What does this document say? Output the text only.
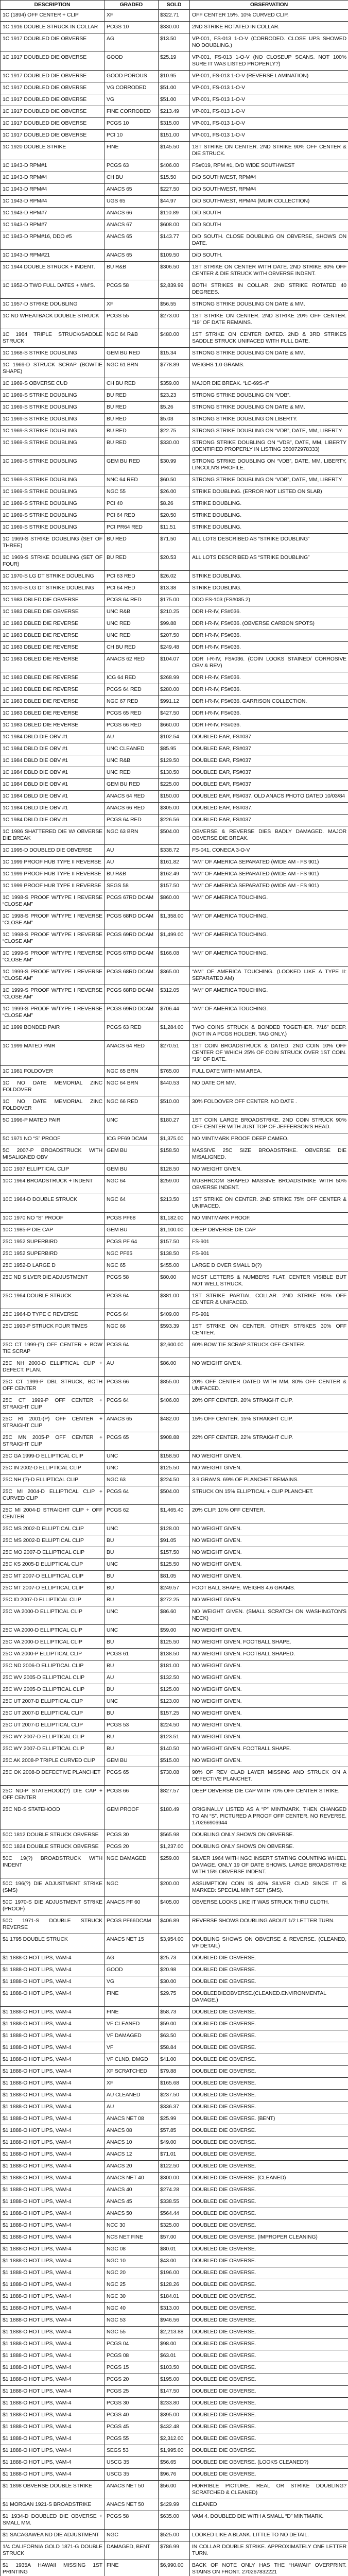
DESCRIPTION	GRADED	SOLD	OBSERVATION
1C (1894) OFF CENTER + CLIP	XF	$322.71	OFF CENTER 15%. 10% CURVED CLIP.
1C 1916 DOUBLE STRUCK IN COLLAR	PCGS 10	$330.00	2ND STRIKE ROTATED IN COLLAR.
1C 1917 DOUBLED DIE OBVERSE	AG	$13.50	VP-001, FS-013 1-O-V (CORRODED. CLOSE UPS SHOWED NO DOUBLING.)
1C 1917 DOUBLED DIE OBVERSE	GOOD	$25.19	VP-001, FS-013 1-O-V (NO CLOSEUP SCANS. NOT 100% SURE IT WAS LISTED PROPERLY?)
1C 1917 DOUBLED DIE OBVERSE	GOOD POROUS	$10.95	VP-001, FS-013 1-O-V (REVERSE LAMINATION)
1C 1917 DOUBLED DIE OBVERSE	VG CORRODED	$51.00	VP-001, FS-013 1-O-V
1C 1917 DOUBLED DIE OBVERSE	VG	$51.00	VP-001, FS-013 1-O-V
1C 1917 DOUBLED DIE OBVERSE	FINE CORRODED	$213.49	VP-001, FS-013 1-O-V
1C 1917 DOUBLED DIE OBVERSE	PCGS 10	$315.00	VP-001, FS-013 1-O-V
1C 1917 DOUBLED DIE OBVERSE	PCI 10	$151.00	VP-001, FS-013 1-O-V
1C 1920 DOUBLE STRIKE	FINE	$145.50	1ST STRIKE ON CENTER. 2ND STRIKE 90% OFF CENTER & DIE STRUCK.
1C 1943-D RPM#1	PCGS 63	$406.00	FS#019, RPM #1, D/D WIDE SOUTHWEST
1C 1943-D RPM#4	CH BU	$15.50	D/D SOUTHWEST, RPM#4
1C 1943-D RPM#4	ANACS 65	$227.50	D/D SOUTHWEST, RPM#4
1C 1943-D RPM#4	UGS 65	$44.97	D/D SOUTHWEST, RPM#4 (MUIR COLLECTION)
1C 1943-D RPM#7	ANACS 66	$110.89	D/D SOUTH
1C 1943-D RPM#7	ANACS 67	$608.00	D/D SOUTH
1C 1943-D RPM#16, DDO #5	ANACS 65	$143.77	D/D SOUTH. CLOSE DOUBLING ON OBVERSE, SHOWS ON DATE.
1C 1943-D RPM#21	ANACS 65	$109.50	D/D SOUTH.
1C 1944 DOUBLE STRUCK + INDENT.	BU R&B	$306.50	1ST STRIKE ON CENTER WITH DATE. 2ND STRIKE 80% OFF CENTER & DIE STRUCK WITH OBVERSE INDENT.
1C 1952-D TWO FULL DATES + MM'S.	PCGS 58	$2,839.99	BOTH STRIKES IN COLLAR. 2ND STRIKE ROTATED 40 DEGREES.
1C 1957-D STRIKE DOUBLING	XF	$56.55	STRONG STRIKE DOUBLING ON DATE & MM.
1C ND WHEATBACK DOUBLE STRUCK	PCGS 55	$273.00	1ST STRIKE ON CENTER. 2ND STRIKE 20% OFF CENTER. “19” OF DATE REMAINS.
1C 1964 TRIPLE STRUCK/SADDLE STRUCK	NGC 64 R&B	$480.00	1ST STRIKE ON CENTER DATED. 2ND & 3RD STRIKES SADDLE STRUCK UNIFACED WITH FULL DATE.
1C 1968-S STRIKE DOUBLING	GEM BU RED	$15.34	STRONG STRIKE DOUBLING ON DATE & MM.
1C 1969-D STRUCK SCRAP (BOWTIE SHAPE)	NGC 61 BRN	$778.89	WEIGHS 1.0 GRAMS.
1C 1969-S OBVERSE CUD	CH BU RED	$359.00	MAJOR DIE BREAK. “LC-69S-4”
1C 1969-S STRIKE DOUBLING	BU RED	$23.23	STRONG STRIKE DOUBLING ON “VDB”.
1C 1969-S STRIKE DOUBLING	BU RED	$5.26	STRONG STRIKE DOUBLING ON DATE & MM.
1C 1969-S STRIKE DOUBLING	BU RED	$5.03	STRONG STRIKE DOUBLING ON LIBERTY.
1C 1969-S STRIKE DOUBLING	BU RED	$22.75	STRONG STRIKE DOUBLING ON “VDB”, DATE, MM, LIBERTY.
1C 1969-S STRIKE DOUBLING	BU RED	$330.00	STRONG STRIKE DOUBLING ON “VDB”, DATE, MM, LIBERTY (IDENTIFIED PROPERLY IN LISTING 350072978333)
1C 1969-S STRIKE DOUBLING	GEM BU RED	$30.99	STRONG STRIKE DOUBLING ON “VDB”, DATE, MM, LIBERTY, LINCOLN'S PROFILE.
1C 1969-S STRIKE DOUBLING	NNC 64 RED	$60.50	STRONG STRIKE DOUBLING ON “VDB”, DATE, MM, LIBERTY.
1C 1969-S STRIKE DOUBLING	NGC 55	$26.00	STRIKE DOUBLING. (ERROR NOT LISTED ON SLAB)
1C 1969-S STRIKE DOUBLING	PCI 40	$8.26	STRIKE DOUBLING.
1C 1969-S STRIKE DOUBLING	PCI 64 RED	$20.50	STRIKE DOUBLING.
1C 1969-S STRIKE DOUBLING	PCI PR64 RED	$11.51	STRIKE DOUBLING.
1C 1969-S STRIKE DOUBLING (SET OF THREE)	BU RED	$71.50	ALL LOTS DESCRIBED AS “STRIKE DOUBLING”
1C 1969-S STRIKE DOUBLING (SET OF FOUR)	BU RED	$20.53	ALL LOTS DESCRIBED AS “STRIKE DOUBLING”
1C 1970-S LG DT STRIKE DOUBLING	PCI 63 RED	$26.02	STRIKE DOUBLING.
1C 1970-S LG DT STRIKE DOUBLING	PCI 64 RED	$13.38	STRIKE DOUBLING.
1C 1983 DBLED DIE OBVERSE	PCGS 64 RED	$175.00	DDO FS-103 (FS#035.2)
1C 1983 DBLED DIE OBVERSE	UNC R&B	$210.25	DDR I-R-IV, FS#036.
1C 1983 DBLED DIE REVERSE	UNC RED	$99.88	DDR I-R-IV, FS#036. (OBVERSE CARBON SPOTS)
1C 1983 DBLED DIE REVERSE	UNC RED	$207.50	DDR I-R-IV, FS#036.
1C 1983 DBLED DIE REVERSE	CH BU RED	$249.48	DDR I-R-IV, FS#036.
1C 1983 DBLED DIE REVERSE	ANACS 62 RED	$104.07	DDR I-R-IV, FS#036. (COIN LOOKS STAINED/ CORROSIVE OBV & REV)
1C 1983 DBLED DIE REVERSE	ICG 64 RED	$268.99	DDR I-R-IV, FS#036.
1C 1983 DBLED DIE REVERSE	PCGS 64 RED	$280.00	DDR I-R-IV, FS#036.
1C 1983 DBLED DIE REVERSE	NGC 67 RED	$991.12	DDR I-R-IV, FS#036. GARRISON COLLECTION.
1C 1983 DBLED DIE REVERSE	PCGS 65 RED	$427.50	DDR I-R-IV, FS#036.
1C 1983 DBLED DIE REVERSE	PCGS 66 RED	$660.00	DDR I-R-IV, FS#036.
1C 1984 DBLD DIE OBV #1	AU	$102.54	DOUBLED EAR, FS#037
1C 1984 DBLD DIE OBV #1	UNC CLEANED	$85.95	DOUBLED EAR, FS#037
1C 1984 DBLD DIE OBV #1	UNC R&B	$129.50	DOUBLED EAR, FS#037
1C 1984 DBLD DIE OBV #1	UNC RED	$130.50	DOUBLED EAR, FS#037
1C 1984 DBLD DIE OBV #1	GEM BU RED	$225.00	DOUBLED EAR, FS#037
1C 1984 DBLD DIE OBV #1	ANACS 64 RED	$150.00	DOUBLED EAR, FS#037. OLD ANACS PHOTO DATED 10/03/84
1C 1984 DBLD DIE OBV #1	ANACS 66 RED	$305.00	DOUBLED EAR, FS#037.
1C 1984 DBLD DIE OBV #1	PCGS 64 RED	$226.56	DOUBLED EAR, FS#037
1C 1986 SHATTERED DIE W/ OBVERSE DIE BREAK	NGC 63 BRN	$504.00	OBVERSE & REVERSE DIES BADLY DAMAGED. MAJOR OBVERSE DIE BREAK.
1C 1995-D DOUBLED DIE OBVERSE	AU	$338.72	FS-041, CONECA 3-O-V
1C 1999 PROOF HUB TYPE II REVERSE	AU	$161.82	“AM” OF AMERICA SEPARATED (WIDE AM - FS 901)
1C 1999 PROOF HUB TYPE II REVERSE	BU R&B	$162.49	“AM” OF AMERICA SEPARATED (WIDE AM - FS 901)
1C 1999 PROOF HUB TYPE II REVERSE	SEGS 58	$157.50	“AM” OF AMERICA SEPARATED (WIDE AM - FS 901)
1C 1998-S PROOF W/TYPE I REVERSE “CLOSE AM”	PCGS 67RD DCAM	$860.00	“AM” OF AMERICA TOUCHING.
1C 1998-S PROOF W/TYPE I REVERSE “CLOSE AM”	PCGS 68RD DCAM	$1,358.00	“AM” OF AMERICA TOUCHING.
1C 1998-S PROOF W/TYPE I REVERSE “CLOSE AM”	PCGS 69RD DCAM	$1,499.00	“AM” OF AMERICA TOUCHING.
1C 1999-S PROOF W/TYPE I REVERSE “CLOSE AM”	PCGS 67RD DCAM	$166.08	“AM” OF AMERICA TOUCHING.
1C 1999-S PROOF W/TYPE I REVERSE “CLOSE AM”	PCGS 68RD DCAM	$365.00	“AM” OF AMERICA TOUCHING. (LOOKED LIKE A TYPE II: SEPARATED AM)
1C 1999-S PROOF W/TYPE I REVERSE “CLOSE AM”	PCGS 68RD DCAM	$312.05	“AM” OF AMERICA TOUCHING.
1C 1999-S PROOF W/TYPE I REVERSE “CLOSE AM”	PCGS 69RD DCAM	$706.44	“AM” OF AMERICA TOUCHING.
1C 1999 BONDED PAIR	PCGS 63 RED	$1,284.00	TWO COINS STRUCK & BONDED TOGETHER. 7/16” DEEP. (NOT IN A PCGS HOLDER. TAG ONLY.)
1C 1999 MATED PAIR	ANACS 64 RED	$270.51	1ST COIN BROADSTRUCK & DATED. 2ND COIN 10% OFF CENTER OF WHICH 25% OF COIN STRUCK OVER 1ST COIN. “19” OF DATE.
1C 1981 FOLDOVER	NGC 65 BRN	$765.00	FULL DATE WITH MM AREA.
1C NO DATE MEMORIAL ZINC FOLDOVER	NGC 64 BRN	$440.53	NO DATE OR MM.
1C NO DATE MEMORIAL ZINC FOLDOVER	NGC 66 RED	$510.00	30% FOLDOVER OFF CENTER. NO DATE .
5C 1996-P MATED PAIR	UNC	$180.27	1ST COIN LARGE BROADSTRIKE. 2ND COIN STRUCK 90% OFF CENTER WITH JUST TOP OF JEFFERSON'S HEAD.
5C 1971 NO “S” PROOF	ICG PF69 DCAM	$1,375.00	NO MINTMARK PROOF. DEEP CAMEO.
5C 2007-P BROADSTRUCK WITH MISALIGNED OBV	GEM BU	$158.50	MASSIVE 25C SIZE BROADSTRIKE. OBVERSE DIE MISALIGNED.
10C 1937 ELLIPTICAL CLIP	GEM BU	$128.50	NO WEIGHT GIVEN.
10C 1964 BROADSTRUCK + INDENT	NGC 64	$259.00	MUSHROOM SHAPED MASSIVE BROADSTRIKE WITH 50% OBVERSE INDENT.
10C 1964-D DOUBLE STRUCK	NGC 64	$213.50	1ST STRIKE ON CENTER. 2ND STRIKE 75% OFF CENTER & UNIFACED.
10C 1970 NO “S” PROOF	PCGS PF68	$1,182.00	NO MINTMARK PROOF.
10C 1985-P DIE CAP	GEM BU	$1,100.00	DEEP OBVERSE DIE CAP
25C 1952 SUPERBIRD	PCGS PF 64	$157.50	FS-901
25C 1952 SUPERBIRD	NGC PF65	$138.50	FS-901
25C 1952-D LARGE D	NGC 65	$455.00	LARGE D OVER SMALL D(?)
25C ND SILVER DIE ADJUSTMENT	PCGS 58	$80.00	MOST LETTERS & NUMBERS FLAT. CENTER VISIBLE BUT NOT WELL STRUCK.
25C 1964 DOUBLE STRUCK	PCGS 64	$381.00	1ST STRIKE PARTIAL COLLAR. 2ND STRIKE 90% OFF CENTER & UNIFACED.
25C 1964-D TYPE C REVERSE	PCGS 64	$409.00	FS-901
25C 1993-P STRUCK FOUR TIMES	NGC 66	$593.39	1ST STRIKE ON CENTER. OTHER STRIKES 30% OFF CENTER.
25C CT 1999-(?) OFF CENTER + BOW TIE SCRAP	PCGS 64	$2,600.00	60% BOW TIE SCRAP STRUCK OFF CENTER.
25C NH 2000-D ELLIPTICAL CLIP + DEFECT. PLAN.	AU	$86.00	NO WEIGHT GIVEN.
25C CT 1999-P DBL STRUCK, BOTH OFF CENTER	PCGS 66	$855.00	20% OFF CENTER DATED WITH MM. 80% OFF CENTER & UNIFACED.
25C CT 1999-P OFF CENTER + STRAIGHT CLIP	PCGS 64	$406.00	20% OFF CENTER. 20% STRAIGHT CLIP.
25C RI 2001-(P) OFF CENTER + STRAIGHT CLIP	ANACS 65	$482.00	15% OFF CENTER. 15% STRAIGHT CLIP.
25C MN 2005-P OFF CENTER + STRAIGHT CLIP	PCGS 65	$908.88	22% OFF CENTER. 22% STRAIGHT CLIP.
25C GA 1999-D ELLIPTICAL CLIP	UNC	$158.50	NO WEIGHT GIVEN.
25C IN 2002-D ELLIPTICAL CLIP	UNC	$125.50	NO WEIGHT GIVEN.
25C NH (?)-D ELLIPTICAL CLIP	NGC 63	$224.50	3.9 GRAMS. 69% OF PLANCHET REMAINS.
25C MI 2004-D ELLIPTICAL CLIP + CURVED CLIP	PCGS 64	$504.00	STRUCK ON 15% ELLIPTICAL + CLIP PLANCHET.
25C MI 2004-D STRAIGHT CLIP + OFF CENTER	PCGS 62	$1,465.40	20% CLIP. 10% OFF CENTER.
25C MS 2002-D ELLIPTICAL CLIP	UNC	$128.00	NO WEIGHT GIVEN.
25C MS 2002-D ELLIPTICAL CLIP	BU	$91.05	NO WEIGHT GIVEN.
25C MO 2007-D ELLIPTICAL CLIP	BU	$157.50	NO WEIGHT GIVEN.
25C KS 2005-D ELLIPTICAL CLIP	UNC	$125.50	NO WEIGHT GIVEN.
25C MT 2007-D ELLIPTICAL CLIP	BU	$81.05	NO WEIGHT GIVEN.
25C MT 2007-D ELLIPTICAL CLIP	BU	$249.57	FOOT BALL SHAPE. WEIGHS 4.6 GRAMS.
25C ID 2007-D ELLIPTICAL CLIP	BU	$272.25	NO WEIGHT GIVEN.
25C VA 2000-D ELLIPTICAL CLIP	UNC	$86.60	NO WEIGHT GIVEN. (SMALL SCRATCH ON WASHINGTON'S NECK)
25C VA 2000-D ELLIPTICAL CLIP	UNC	$59.00	NO WEIGHT GIVEN.
25C VA 2000-D ELLIPTICAL CLIP	BU	$125.50	NO WEIGHT GIVEN. FOOTBALL SHAPE.
25C VA 2000-P ELLIPTICAL CLIP	PCGS 61	$138.50	NO WEIGHT GIVEN. FOOTBALL SHAPED.
25C ND 2006-D ELLIPTICAL CLIP	BU	$181.00	NO WEIGHT GIVEN.
25C WV 2005-D ELLIPTICAL CLIP	AU	$132.50	NO WEIGHT GIVEN.
25C WV 2005-D ELLIPTICAL CLIP	BU	$125.00	NO WEIGHT GIVEN.
25C UT 2007-D ELLIPTICAL CLIP	UNC	$123.00	NO WEIGHT GIVEN.
25C UT 2007-D ELLIPTICAL CLIP	BU	$157.25	NO WEIGHT GIVEN.
25C UT 2007-D ELLIPTICAL CLIP	PCGS 53	$224.50	NO WEIGHT GIVEN.
25C WY 2007-D ELLIPTICAL CLIP	BU	$123.51	NO WEIGHT GIVEN.
25C WY 2007-D ELLIPTICAL CLIP	BU	$140.50	NO WEIGHT GIVEN. FOOTBALL SHAPE.
25C AK 2008-P TRIPLE CURVED CLIP	GEM BU	$515.00	NO WEIGHT GIVEN.
25C OK 2008-D DEFECTIVE PLANCHET	PCGS 65	$730.08	90% OF REV CLAD LAYER MISSING AND STRUCK ON A DEFECTIVE PLANCHET.
25C ND-P STATEHOOD(?) DIE CAP + OFF CENTER	PCGS 66	$827.57	DEEP OBVERSE DIE CAP WITH 70% OFF CENTER STRIKE.
25C ND-S STATEHOOD	GEM PROOF	$180.49	ORIGINALLY LISTED AS A “P” MINTMARK. THEN CHANGED TO AN “S”. PICTURED A PROOF OFF CENTER. NO REVERSE. 170266906944
50C 1812 DOUBLE STRUCK OBVERSE	PCGS 30	$565.98	DOUBLING ONLY SHOWS ON OBVERSE.
50C 1824 DOUBLE STRUCK OBVERSE	PCGS 20	$1,237.00	DOUBLING ONLY SHOWS ON OBVERSE.
50C 19(?) BROADSTRUCK WITH INDENT	NGC DAMAGED	$259.00	SILVER 1964 WITH NGC INSERT STATING COUNTING WHEEL DAMAGE. ONLY 19 OF DATE SHOWS. LARGE BROADSTRIKE WITH 15% OBVERSE INDENT.
50C 196(?) DIE ADJUSTMENT STRIKE (SMS)	NGC	$200.00	ASSUMPTION COIN IS 40% SILVER CLAD SINCE IT IS MARKED: SPECIAL MINT SET (SMS).
50C 1970-S DIE ADJUSTMENT STRIKE (PROOF)	ANACS PF 60	$405.00	OBVERSE LOOKS LIKE IT WAS STRUCK THRU CLOTH.
50C 1971-S DOUBLE STRUCK REVERSE	PCGS PF66DCAM	$406.89	REVERSE SHOWS DOUBLING ABOUT 1/2 LETTER TURN.
$1 1795 DOUBLE STRUCK	ANACS NET 15	$3,954.00	DOUBLING SHOWS ON OBVERSE & REVERSE. (CLEANED, VF DETAIL)
$1 1888-O HOT LIPS, VAM-4	AG	$25.73	DOUBLED DIE OBVERSE.
$1 1888-O HOT LIPS, VAM-4	GOOD	$20.98	DOUBLED DIE OBVERSE.
$1 1888-O HOT LIPS, VAM-4	VG	$30.00	DOUBLED DIE OBVERSE.
$1 1888-O HOT LIPS, VAM-4	FINE	$29.75	DOUBLEDDIEOBVERSE.(CLEANED.ENVIRONMENTAL DAMAGE.)
$1 1888-O HOT LIPS, VAM-4	FINE	$58.73	DOUBLED DIE OBVERSE.
$1 1888-O HOT LIPS, VAM-4	VF CLEANED	$59.00	DOUBLED DIE OBVERSE.
$1 1888-O HOT LIPS, VAM-4	VF DAMAGED	$63.50	DOUBLED DIE OBVERSE.
$1 1888-O HOT LIPS, VAM-4	VF	$58.84	DOUBLED DIE OBVERSE.
$1 1888-O HOT LIPS, VAM-4	VF CLND, DMGD	$41.00	DOUBLED DIE OBVERSE.
$1 1888-O HOT LIPS, VAM-4	XF SCRATCHED	$79.88	DOUBLED DIE OBVERSE.
$1 1888-O HOT LIPS, VAM-4	XF	$165.68	DOUBLED DIE OBVERSE.
$1 1888-O HOT LIPS, VAM-4	AU CLEANED	$237.50	DOUBLED DIE OBVERSE.
$1 1888-O HOT LIPS, VAM-4	AU	$336.37	DOUBLED DIE OBVERSE.
$1 1888-O HOT LIPS, VAM-4	ANACS NET 08	$25.99	DOUBLED DIE OBVERSE. (BENT)
$1 1888-O HOT LIPS, VAM-4	ANACS 08	$57.85	DOUBLED DIE OBVERSE.
$1 1888-O HOT LIPS, VAM-4	ANACS 10	$49.00	DOUBLED DIE OBVERSE.
$1 1888-O HOT LIPS, VAM-4	ANACS 12	$71.01	DOUBLED DIE OBVERSE.
$1 1888-O HOT LIPS, VAM-4	ANACS 20	$122.50	DOUBLED DIE OBVERSE.
$1 1888-O HOT LIPS, VAM-4	ANACS NET 40	$300.00	DOUBLED DIE OBVERSE. (CLEANED)
$1 1888-O HOT LIPS, VAM-4	ANACS 40	$274.28	DOUBLED DIE OBVERSE.
$1 1888-O HOT LIPS, VAM-4	ANACS 45	$338.55	DOUBLED DIE OBVERSE.
$1 1888-O HOT LIPS, VAM-4	ANACS 50	$564.44	DOUBLED DIE OBVERSE.
$1 1888-O HOT LIPS, VAM-4	NCC 30	$325.00	DOUBLED DIE OBVERSE.
$1 1888-O HOT LIPS, VAM-4	NCS NET FINE	$57.00	DOUBLED DIE OBVERSE. (IMPROPER CLEANING)
$1 1888-O HOT LIPS, VAM-4	NGC 08	$80.01	DOUBLED DIE OBVERSE.
$1 1888-O HOT LIPS, VAM-4	NGC 10	$43.00	DOUBLED DIE OBVERSE.
$1 1888-O HOT LIPS, VAM-4	NGC 20	$196.00	DOUBLED DIE OBVERSE.
$1 1888-O HOT LIPS, VAM-4	NGC 25	$128.26	DOUBLED DIE OBVERSE.
$1 1888-O HOT LIPS, VAM-4	NGC 30	$184.01	DOUBLED DIE OBVERSE.
$1 1888-O HOT LIPS, VAM-4	NGC 40	$313.00	DOUBLED DIE OBVERSE.
$1 1888-O HOT LIPS, VAM-4	NGC 53	$946.56	DOUBLED DIE OBVERSE.
$1 1888-O HOT LIPS, VAM-4	NGC 55	$2,213.88	DOUBLED DIE OBVERSE.
$1 1888-O HOT LIPS, VAM-4	PCGS 04	$98.00	DOUBLED DIE OBVERSE.
$1 1888-O HOT LIPS, VAM-4	PCGS 08	$63.01	DOUBLED DIE OBVERSE.
$1 1888-O HOT LIPS, VAM-4	PCGS 15	$103.50	DOUBLED DIE OBVERSE.
$1 1888-O HOT LIPS, VAM-4	PCGS 20	$195.00	DOUBLED DIE OBVERSE.
$1 1888-O HOT LIPS, VAM-4	PCGS 25	$147.50	DOUBLED DIE OBVERSE.
$1 1888-O HOT LIPS, VAM-4	PCGS 30	$233.80	DOUBLED DIE OBVERSE.
$1 1888-O HOT LIPS, VAM-4	PCGS 40	$395.00	DOUBLED DIE OBVERSE.
$1 1888-O HOT LIPS, VAM-4	PCGS 45	$432.48	DOUBLED DIE OBVERSE.
$1 1888-O HOT LIPS, VAM-4	PCGS 55	$2,312.00	DOUBLED DIE OBVERSE.
$1 1888-O HOT LIPS, VAM-4	SEGS 53	$1,995.00	DOUBLED DIE OBVERSE.
$1 1888-O HOT LIPS, VAM-4	USCG 35	$56.65	DOUBLED DIE OBVERSE. (LOOKS CLEANED?)
$1 1888-O HOT LIPS, VAM-4	USCG 35	$96.76	DOUBLED DIE OBVERSE.
$1 1898 OBVERSE DOUBLE STRIKE	ANACS NET 50	$56.00	HORRIBLE PICTURE. REAL OR STRIKE DOUBLING? SCRATCHED & CLEANED)
$1 MORGAN 1921-S BROADSTRIKE	ANACS NET 50	$429.99	CLEANED
$1 1934-D DOUBLED DIE OBVERSE + SMALL MM.	PCGS 58	$635.00	VAM 4. DOUBLED DIE WITH A SMALL “D” MINTMARK.
$1 SACAGAWEA ND DIE ADJUSTMENT	NGC	$525.00	LOOKED LIKE A BLANK. LITTLE TO NO DETAIL.
1/4 CALIFORNIA GOLD 1871-G DOUBLE STRUCK	DAMAGED, BENT	$786.99	IN COLLAR DOUBLE STRIKE. APPROXIMATELY ONE LETTER TURN.
$1 1935A HAWAII MISSING 1ST PRINTING	FINE	$6,990.00	BACK OF NOTE ONLY HAS THE “HAWAII” OVERPRINT. STAINS ON FRONT. 270267832221
